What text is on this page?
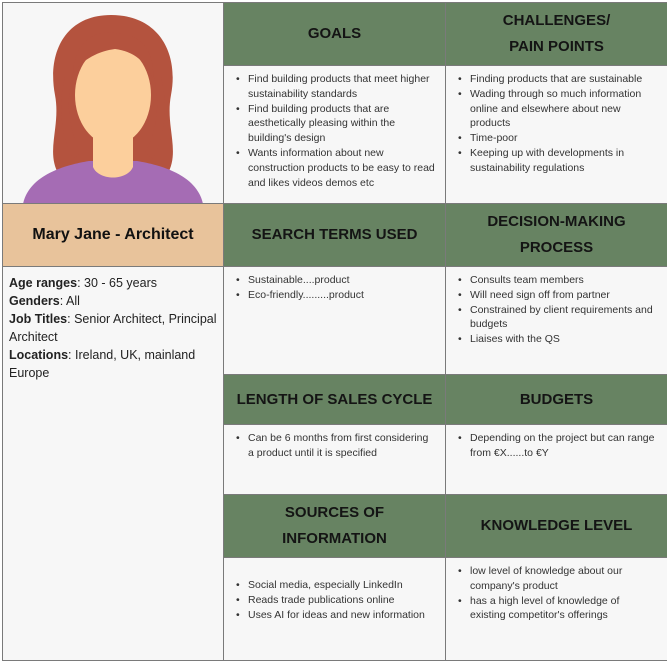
GOALS
CHALLENGES/
PAIN POINTS
• Find building products that meet higher sustainability standards
• Find building products that are aesthetically pleasing within the building's design
• Wants information about new construction products to be easy to read and likes videos demos etc
• Finding products that are sustainable
• Wading through so much information online and elsewhere about new products
• Time-poor
• Keeping up with developments in sustainability regulations
Mary Jane - Architect	SEARCH TERMS USED
DECISION-MAKING
PROCESS

Age ranges: 30 - 65 years

Genders: All

Job Titles: Senior Architect, Principal Architect

Locations: Ireland, UK, mainland Europe

• Sustainable....product
• Eco-friendly.........product
• Consults team members
• Will need sign off from partner
• Constrained by client requirements and budgets
• Liaises with the QS
LENGTH OF SALES CYCLE	BUDGETS
• Can be 6 months from first considering a product until it is specified
• Depending on the project but can range from €X......to €Y
SOURCES OF
INFORMATION
KNOWLEDGE LEVEL
• Social media, especially LinkedIn
• Reads trade publications online
• Uses AI for ideas and new information
• low level of knowledge about our company's product
• has a high level of knowledge of existing competitor's offerings
